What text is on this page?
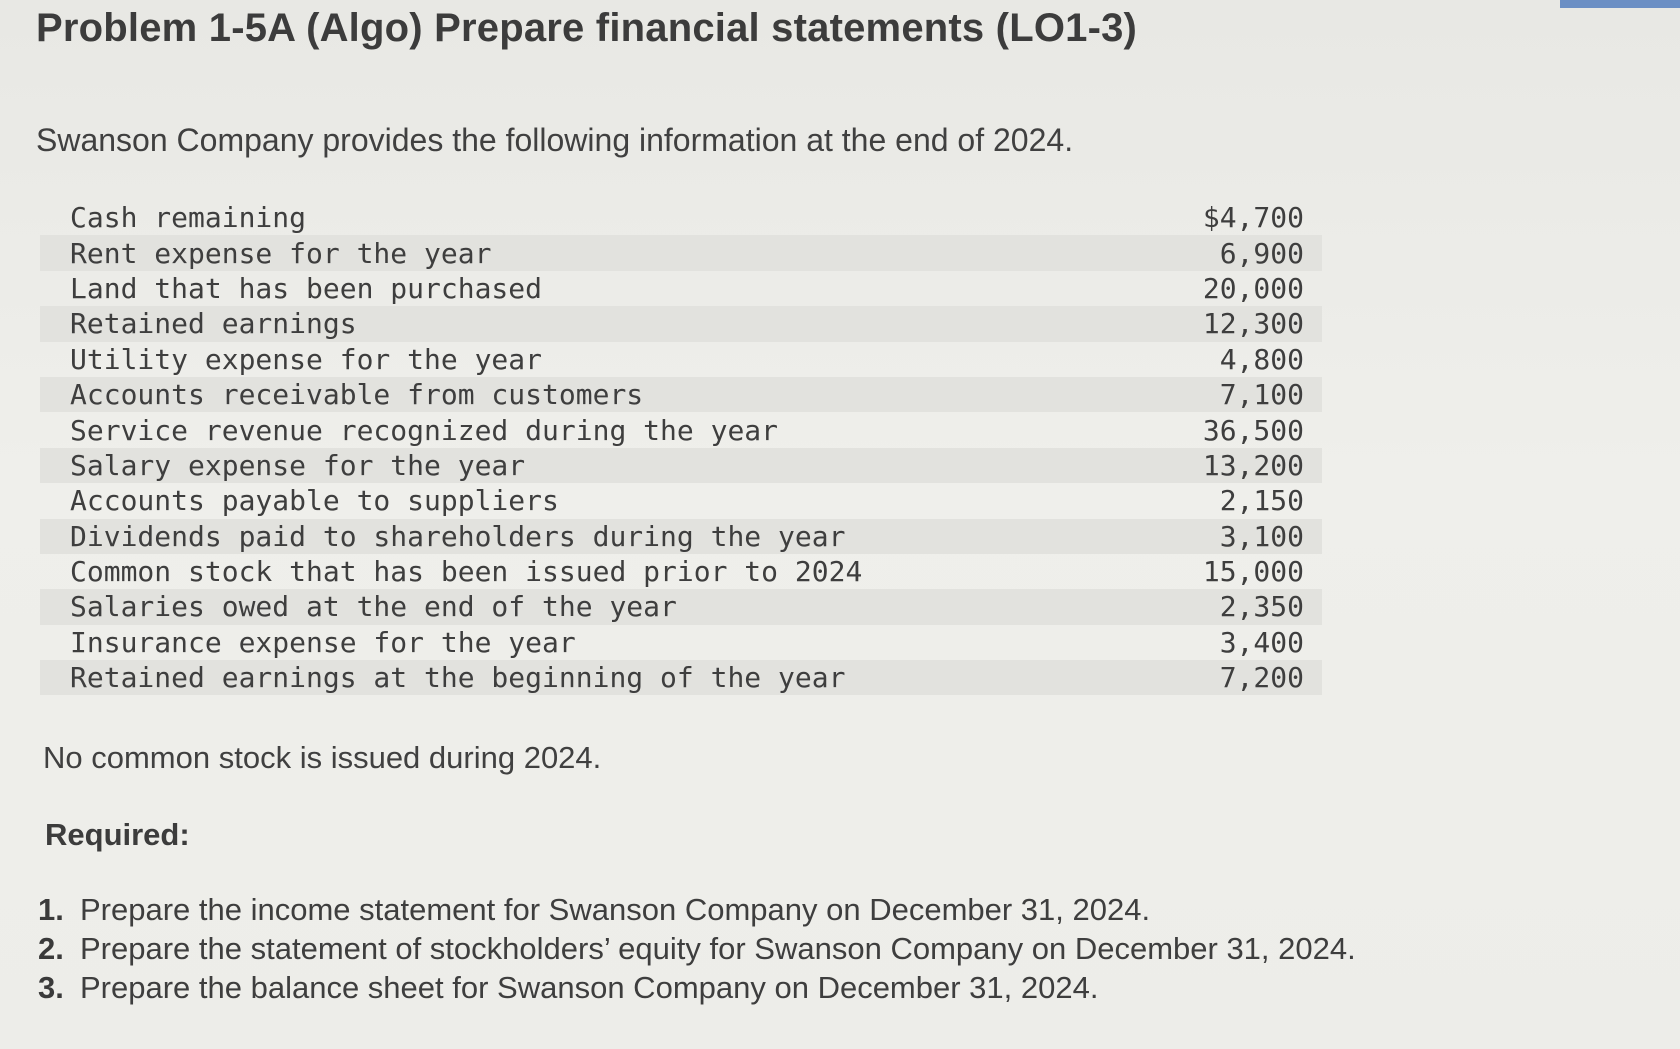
Problem 1-5A (Algo) Prepare financial statements (LO1-3)

Swanson Company provides the following information at the end of 2024.

Cash remaining	$4,700
Rent expense for the year	6,900
Land that has been purchased	20,000
Retained earnings	12,300
Utility expense for the year	4,800
Accounts receivable from customers	7,100
Service revenue recognized during the year	36,500
Salary expense for the year	13,200
Accounts payable to suppliers	2,150
Dividends paid to shareholders during the year	3,100
Common stock that has been issued prior to 2024	15,000
Salaries owed at the end of the year	2,350
Insurance expense for the year	3,400
Retained earnings at the beginning of the year	7,200

No common stock is issued during 2024.

Required:

1. Prepare the income statement for Swanson Company on December 31, 2024.
2. Prepare the statement of stockholders’ equity for Swanson Company on December 31, 2024.
3. Prepare the balance sheet for Swanson Company on December 31, 2024.
